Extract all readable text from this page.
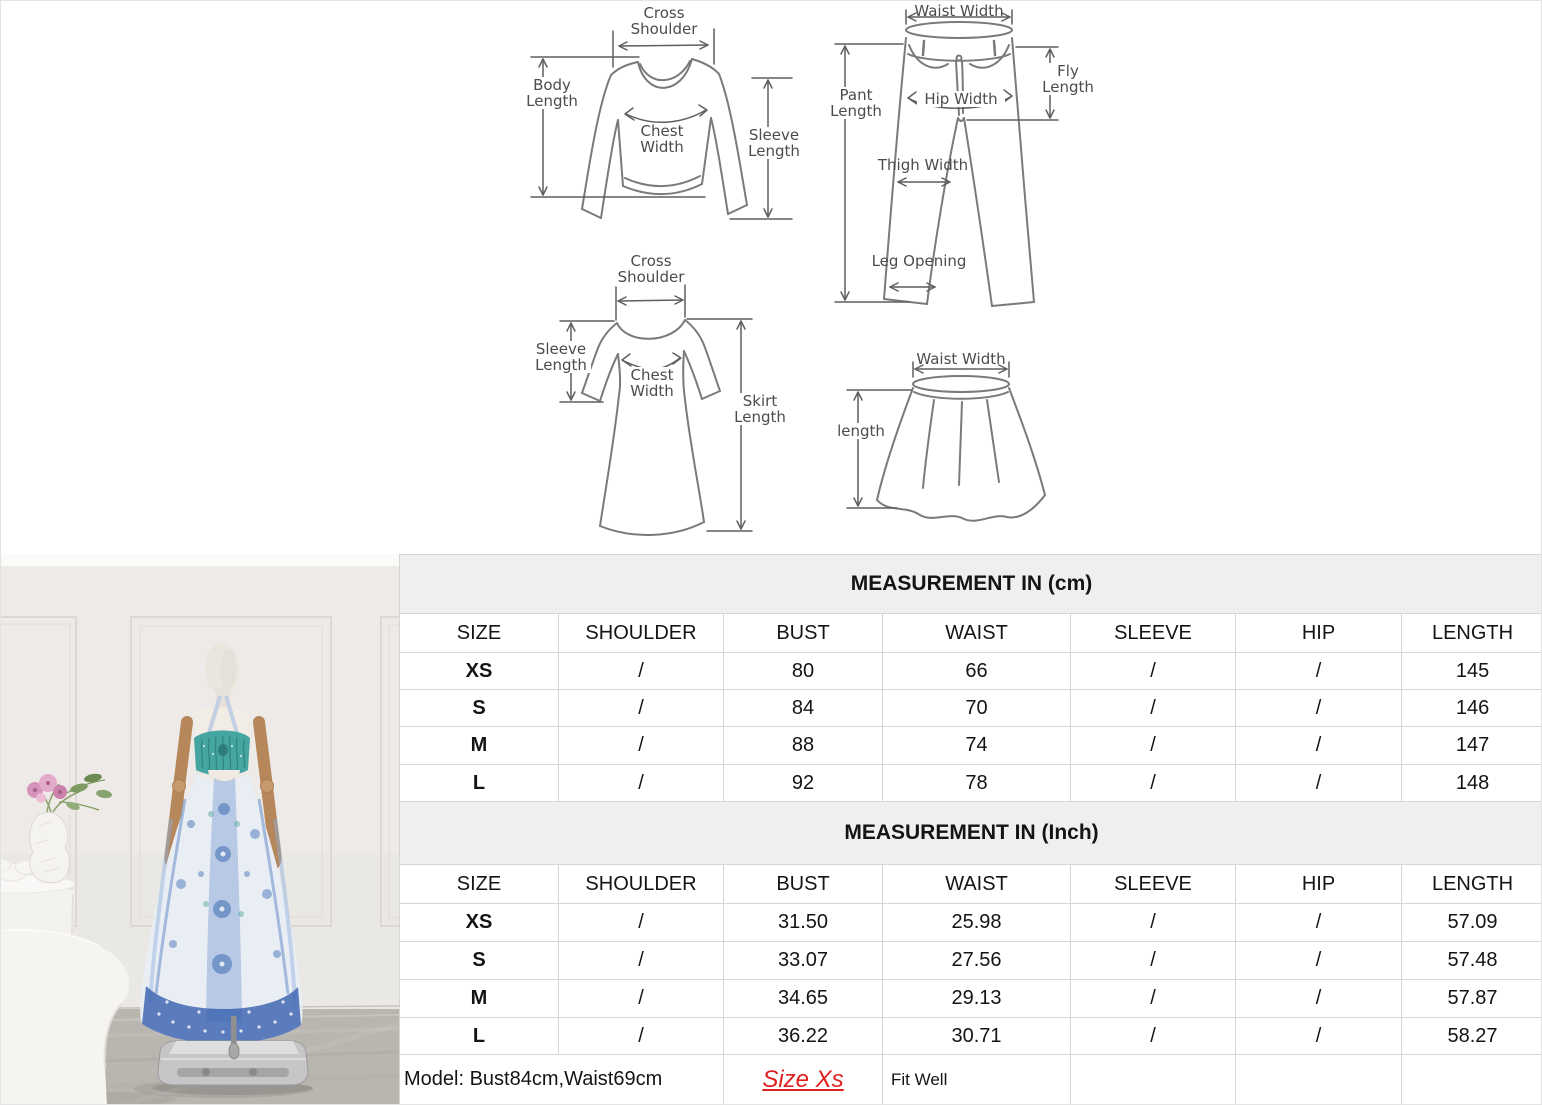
Cross Shoulder
Body Length
Chest Width
Sleeve Length
Waist Width
Pant Length
Fly Length
Hip Width
Thigh Width
Leg Opening
Cross Shoulder
Sleeve Length
Chest Width
Skirt Length
Waist Width
length
MEASUREMENT IN (cm)						
SIZE	SHOULDER	BUST	WAIST	SLEEVE	HIP	LENGTH
XS	/	80	66	/	/	145
S	/	84	70	/	/	146
M	/	88	74	/	/	147
L	/	92	78	/	/	148
MEASUREMENT IN (Inch)						
SIZE	SHOULDER	BUST	WAIST	SLEEVE	HIP	LENGTH
XS	/	31.50	25.98	/	/	57.09
S	/	33.07	27.56	/	/	57.48
M	/	34.65	29.13	/	/	57.87
L	/	36.22	30.71	/	/	58.27
Model: Bust84cm,Waist69cm		Size Xs	Fit Well			
